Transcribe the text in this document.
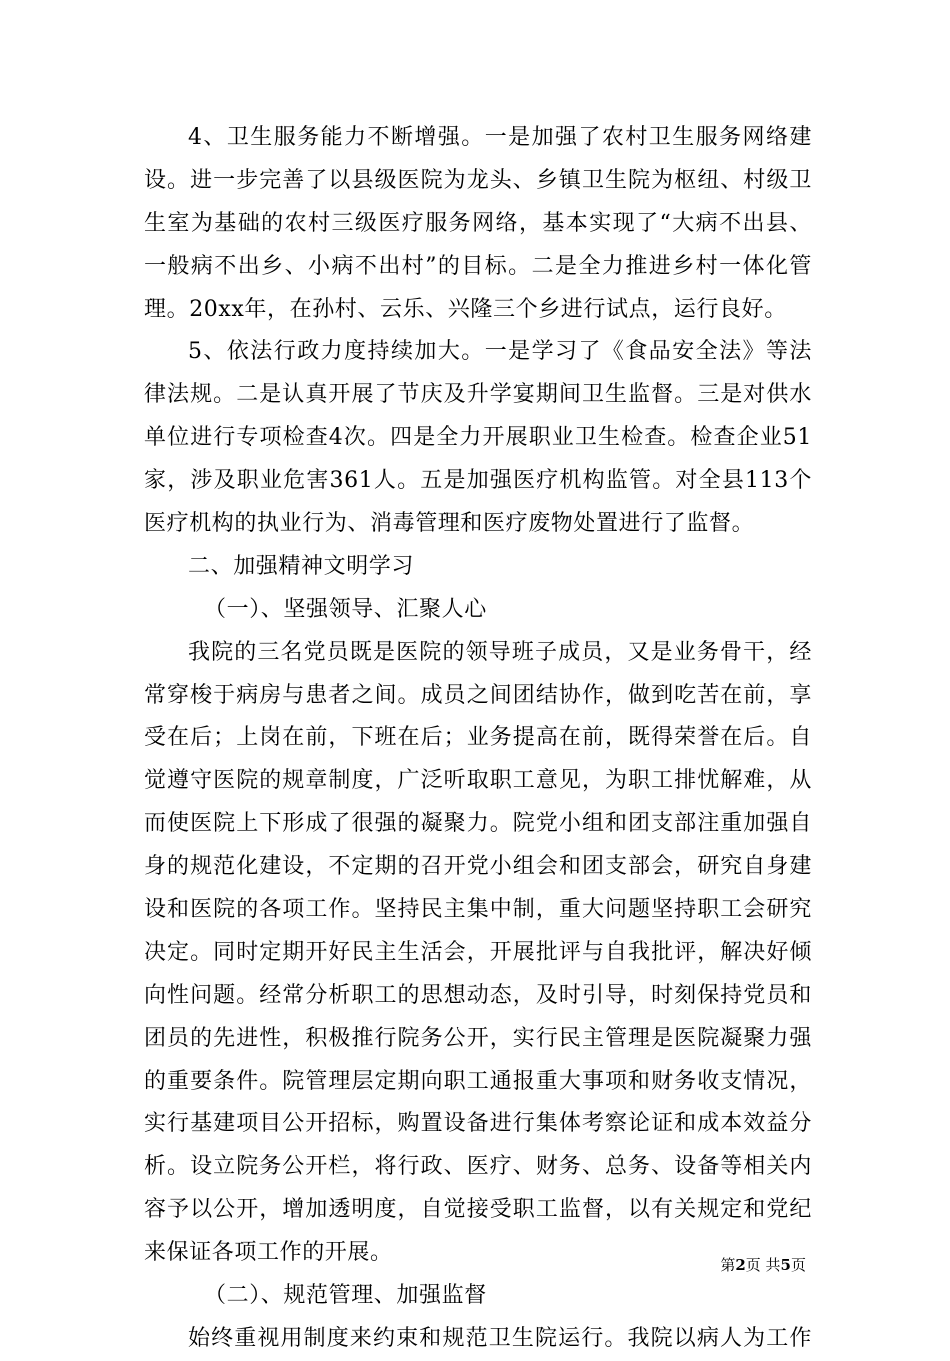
4、卫生服务能力不断增强。一是加强了农村卫生服务网络建
设。进一步完善了以县级医院为龙头、乡镇卫生院为枢纽、村级卫
生室为基础的农村三级医疗服务网络，基本实现了“大病不出县、
一般病不出乡、小病不出村”的目标。二是全力推进乡村一体化管
理。20xx年，在孙村、云乐、兴隆三个乡进行试点，运行良好。
5、依法行政力度持续加大。一是学习了《食品安全法》等法
律法规。二是认真开展了节庆及升学宴期间卫生监督。三是对供水
单位进行专项检查4次。四是全力开展职业卫生检查。检查企业51
家，涉及职业危害361人。五是加强医疗机构监管。对全县113个
医疗机构的执业行为、消毒管理和医疗废物处置进行了监督。
二、加强精神文明学习
（一）、坚强领导、汇聚人心
我院的三名党员既是医院的领导班子成员，又是业务骨干，经
常穿梭于病房与患者之间。成员之间团结协作，做到吃苦在前，享
受在后；上岗在前，下班在后；业务提高在前，既得荣誉在后。自
觉遵守医院的规章制度，广泛听取职工意见，为职工排忧解难，从
而使医院上下形成了很强的凝聚力。院党小组和团支部注重加强自
身的规范化建设，不定期的召开党小组会和团支部会，研究自身建
设和医院的各项工作。坚持民主集中制，重大问题坚持职工会研究
决定。同时定期开好民主生活会，开展批评与自我批评，解决好倾
向性问题。经常分析职工的思想动态，及时引导，时刻保持党员和
团员的先进性，积极推行院务公开，实行民主管理是医院凝聚力强
的重要条件。院管理层定期向职工通报重大事项和财务收支情况，
实行基建项目公开招标，购置设备进行集体考察论证和成本效益分
析。设立院务公开栏，将行政、医疗、财务、总务、设备等相关内
容予以公开，增加透明度，自觉接受职工监督，以有关规定和党纪
来保证各项工作的开展。
（二）、规范管理、加强监督
始终重视用制度来约束和规范卫生院运行。我院以病人为工作
第2页 共5页
